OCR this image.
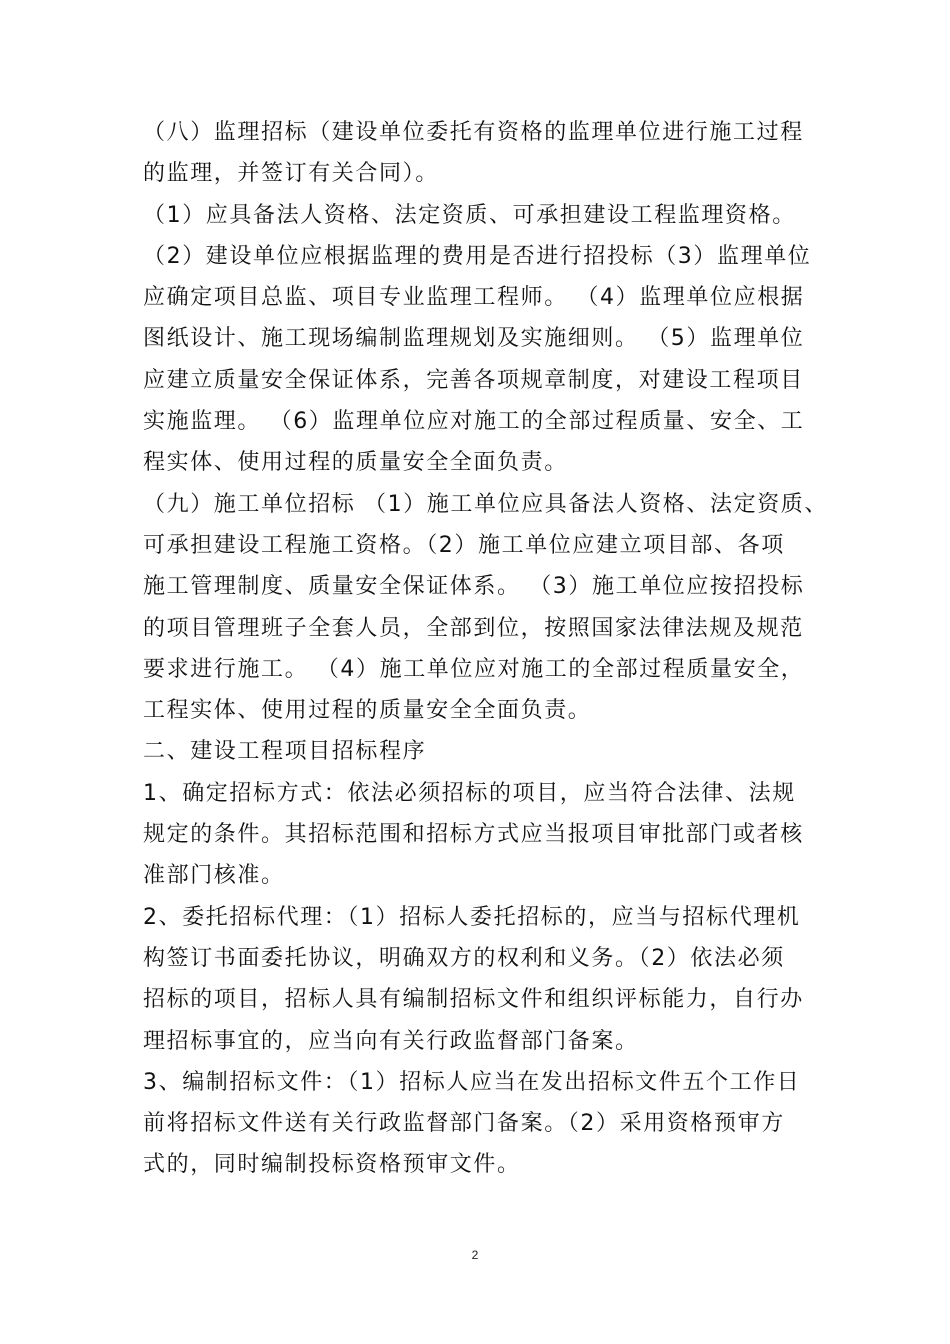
（八）监理招标（建设单位委托有资格的监理单位进行施工过程
的监理，并签订有关合同）。
（1）应具备法人资格、法定资质、可承担建设工程监理资格。
（2）建设单位应根据监理的费用是否进行招投标（3）监理单位
应确定项目总监、项目专业监理工程师。 （4）监理单位应根据
图纸设计、施工现场编制监理规划及实施细则。 （5）监理单位
应建立质量安全保证体系，完善各项规章制度，对建设工程项目
实施监理。 （6）监理单位应对施工的全部过程质量、安全、工
程实体、使用过程的质量安全全面负责。
（九）施工单位招标 （1）施工单位应具备法人资格、法定资质、
可承担建设工程施工资格。（2）施工单位应建立项目部、各项
施工管理制度、质量安全保证体系。 （3）施工单位应按招投标
的项目管理班子全套人员，全部到位，按照国家法律法规及规范
要求进行施工。 （4）施工单位应对施工的全部过程质量安全，
工程实体、使用过程的质量安全全面负责。
二、建设工程项目招标程序
1、确定招标方式：依法必须招标的项目，应当符合法律、法规
规定的条件。其招标范围和招标方式应当报项目审批部门或者核
准部门核准。
2、委托招标代理：（1）招标人委托招标的，应当与招标代理机
构签订书面委托协议，明确双方的权利和义务。（2）依法必须
招标的项目，招标人具有编制招标文件和组织评标能力，自行办
理招标事宜的，应当向有关行政监督部门备案。
3、编制招标文件：（1）招标人应当在发出招标文件五个工作日
前将招标文件送有关行政监督部门备案。（2）采用资格预审方
式的，同时编制投标资格预审文件。
2
